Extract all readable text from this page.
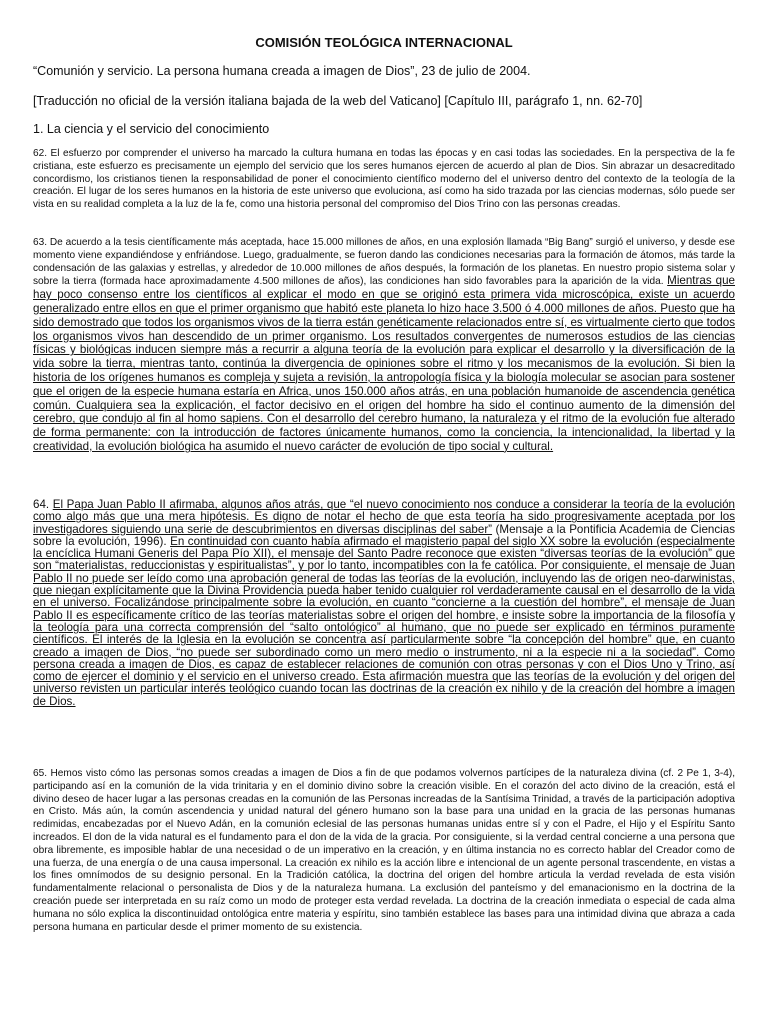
COMISIÓN TEOLÓGICA INTERNACIONAL

“Comunión y servicio. La persona humana creada a imagen de Dios”, 23 de julio de 2004.

[Traducción no oficial de la versión italiana bajada de la web del Vaticano] [Capítulo III, parágrafo 1, nn. 62-70]

1. La ciencia y el servicio del conocimiento

62. El esfuerzo por comprender el universo ha marcado la cultura humana en todas las épocas y en casi todas las sociedades. En la perspectiva de la fe cristiana, este esfuerzo es precisamente un ejemplo del servicio que los seres humanos ejercen de acuerdo al plan de Dios. Sin abrazar un desacreditado concordismo, los cristianos tienen la responsabilidad de poner el conocimiento científico moderno del el universo dentro del contexto de la teología de la creación. El lugar de los seres humanos en la historia de este universo que evoluciona, así como ha sido trazada por las ciencias modernas, sólo puede ser vista en su realidad completa a la luz de la fe, como una historia personal del compromiso del Dios Trino con las personas creadas.

63. De acuerdo a la tesis científicamente más aceptada, hace 15.000 millones de años, en una explosión llamada “Big Bang” surgió el universo, y desde ese momento viene expandiéndose y enfriándose. Luego, gradualmente, se fueron dando las condiciones necesarias para la formación de átomos, más tarde la condensación de las galaxias y estrellas, y alrededor de 10.000 millones de años después, la formación de los planetas. En nuestro propio sistema solar y sobre la tierra (formada hace aproximadamente 4.500 millones de años), las condiciones han sido favorables para la aparición de la vida. Mientras que hay poco consenso entre los científicos al explicar el modo en que se originó esta primera vida microscópica, existe un acuerdo generalizado entre ellos en que el primer organismo que habitó este planeta lo hizo hace 3.500 ó 4.000 millones de años. Puesto que ha sido demostrado que todos los organismos vivos de la tierra están genéticamente relacionados entre sí, es virtualmente cierto que todos los organismos vivos han descendido de un primer organismo. Los resultados convergentes de numerosos estudios de las ciencias físicas y biológicas inducen siempre más a recurrir a alguna teoría de la evolución para explicar el desarrollo y la diversificación de la vida sobre la tierra, mientras tanto, continúa la divergencia de opiniones sobre el ritmo y los mecanismos de la evolución. Si bien la historia de los orígenes humanos es compleja y sujeta a revisión, la antropología física y la biología molecular se asocian para sostener que el origen de la especie humana estaría en Africa, unos 150.000 años atrás, en una población humanoide de ascendencia genética común. Cualquiera sea la explicación, el factor decisivo en el origen del hombre ha sido el continuo aumento de la dimensión del cerebro, que condujo al fin al homo sapiens. Con el desarrollo del cerebro humano, la naturaleza y el ritmo de la evolución fue alterado de forma permanente: con la introducción de factores únicamente humanos, como la conciencia, la intencionalidad, la libertad y la creatividad, la evolución biológica ha asumido el nuevo carácter de evolución de tipo social y cultural.

64. El Papa Juan Pablo II afirmaba, algunos años atrás, que “el nuevo conocimiento nos conduce a considerar la teoría de la evolución como algo más que una mera hipótesis. Es digno de notar el hecho de que esta teoría ha sido progresivamente aceptada por los investigadores siguiendo una serie de descubrimientos en diversas disciplinas del saber” (Mensaje a la Pontificia Academia de Ciencias sobre la evolución, 1996). En continuidad con cuanto había afirmado el magisterio papal del siglo XX sobre la evolución (especialmente la encíclica Humani Generis del Papa Pío XII), el mensaje del Santo Padre reconoce que existen “diversas teorías de la evolución” que son “materialistas, reduccionistas y espiritualistas”, y por lo tanto, incompatibles con la fe católica. Por consiguiente, el mensaje de Juan Pablo II no puede ser leído como una aprobación general de todas las teorías de la evolución, incluyendo las de origen neo-darwinistas, que niegan explícitamente que la Divina Providencia pueda haber tenido cualquier rol verdaderamente causal en el desarrollo de la vida en el universo. Focalizándose principalmente sobre la evolución, en cuanto “concierne a la cuestión del hombre”, el mensaje de Juan Pablo II es específicamente crítico de las teorías materialistas sobre el origen del hombre, e insiste sobre la importancia de la filosofía y la teología para una correcta comprensión del “salto ontológico” al humano, que no puede ser explicado en términos puramente científicos. El interés de la Iglesia en la evolución se concentra así particularmente sobre “la concepción del hombre” que, en cuanto creado a imagen de Dios, “no puede ser subordinado como un mero medio o instrumento, ni a la especie ni a la sociedad”. Como persona creada a imagen de Dios, es capaz de establecer relaciones de comunión con otras personas y con el Dios Uno y Trino, así como de ejercer el dominio y el servicio en el universo creado. Esta afirmación muestra que las teorías de la evolución y del origen del universo revisten un particular interés teológico cuando tocan las doctrinas de la creación ex nihilo y de la creación del hombre a imagen de Dios.

65. Hemos visto cómo las personas somos creadas a imagen de Dios a fin de que podamos volvernos partícipes de la naturaleza divina (cf. 2 Pe 1, 3-4), participando así en la comunión de la vida trinitaria y en el dominio divino sobre la creación visible. En el corazón del acto divino de la creación, está el divino deseo de hacer lugar a las personas creadas en la comunión de las Personas increadas de la Santísima Trinidad, a través de la participación adoptiva en Cristo. Más aún, la común ascendencia y unidad natural del género humano son la base para una unidad en la gracia de las personas humanas redimidas, encabezadas por el Nuevo Adán, en la comunión eclesial de las personas humanas unidas entre sí y con el Padre, el Hijo y el Espíritu Santo increados. El don de la vida natural es el fundamento para el don de la vida de la gracia. Por consiguiente, si la verdad central concierne a una persona que obra libremente, es imposible hablar de una necesidad o de un imperativo en la creación, y en última instancia no es correcto hablar del Creador como de una fuerza, de una energía o de una causa impersonal. La creación ex nihilo es la acción libre e intencional de un agente personal trascendente, en vistas a los fines omnímodos de su designio personal. En la Tradición católica, la doctrina del origen del hombre articula la verdad revelada de esta visión fundamentalmente relacional o personalista de Dios y de la naturaleza humana. La exclusión del panteísmo y del emanacionismo en la doctrina de la creación puede ser interpretada en su raíz como un modo de proteger esta verdad revelada. La doctrina de la creación inmediata o especial de cada alma humana no sólo explica la discontinuidad ontológica entre materia y espíritu, sino también establece las bases para una intimidad divina que abraza a cada persona humana en particular desde el primer momento de su existencia.
